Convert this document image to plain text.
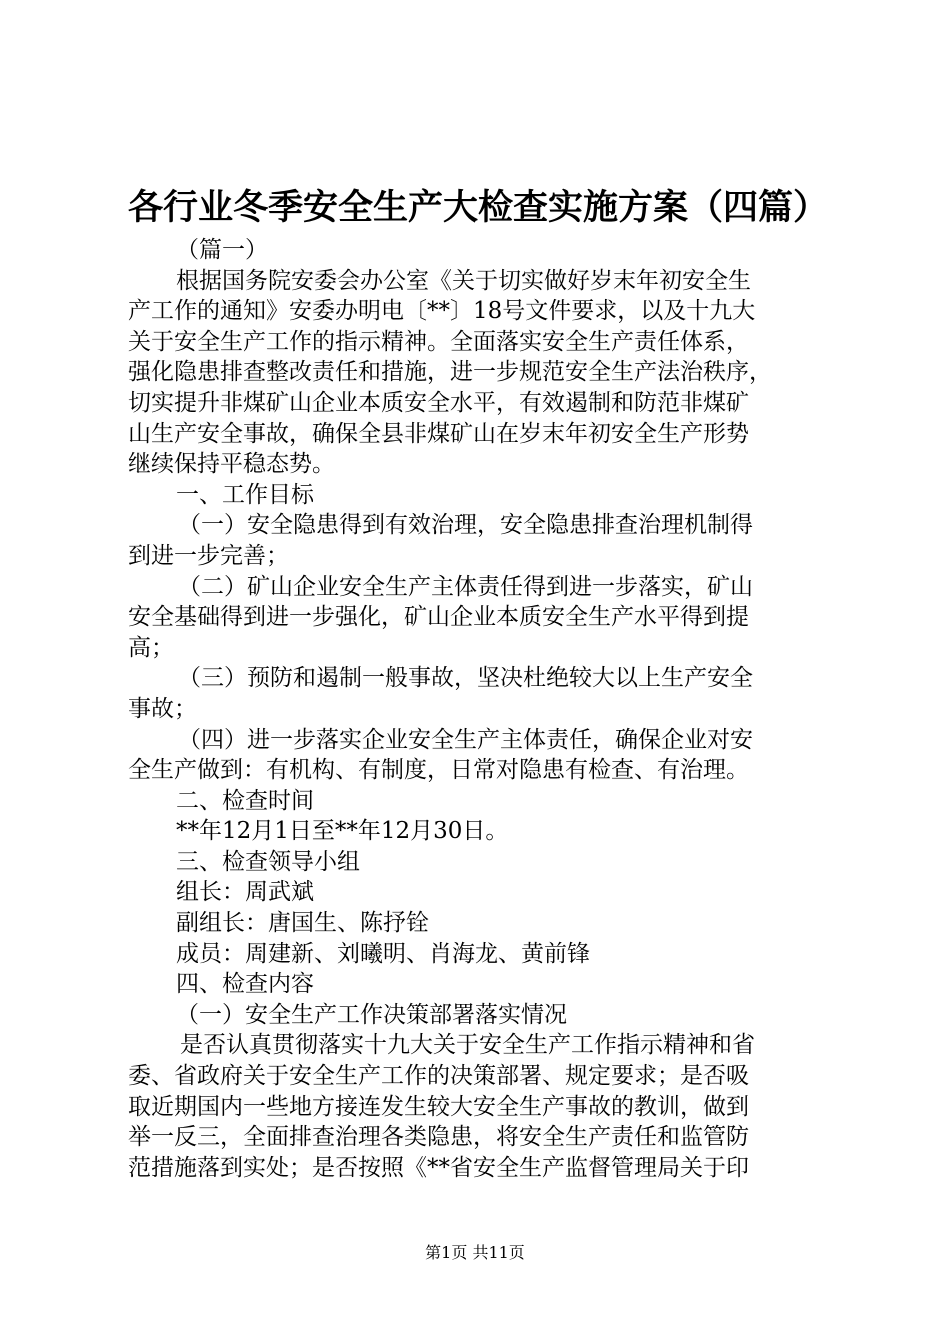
各行业冬季安全生产大检查实施方案（四篇）
（篇一）
根据国务院安委会办公室《关于切实做好岁末年初安全生
产工作的通知》安委办明电〔**〕18号文件要求，以及十九大
关于安全生产工作的指示精神。全面落实安全生产责任体系，
强化隐患排查整改责任和措施，进一步规范安全生产法治秩序，
切实提升非煤矿山企业本质安全水平，有效遏制和防范非煤矿
山生产安全事故，确保全县非煤矿山在岁末年初安全生产形势
继续保持平稳态势。
一、工作目标
（一）安全隐患得到有效治理，安全隐患排查治理机制得
到进一步完善；
（二）矿山企业安全生产主体责任得到进一步落实，矿山
安全基础得到进一步强化，矿山企业本质安全生产水平得到提
高；
（三）预防和遏制一般事故，坚决杜绝较大以上生产安全
事故；
（四）进一步落实企业安全生产主体责任，确保企业对安
全生产做到：有机构、有制度，日常对隐患有检查、有治理。
二、检查时间
**年12月1日至**年12月30日。
三、检查领导小组
组长：周武斌
副组长：唐国生、陈抒铨
成员：周建新、刘曦明、肖海龙、黄前锋
四、检查内容
（一）安全生产工作决策部署落实情况
是否认真贯彻落实十九大关于安全生产工作指示精神和省
委、省政府关于安全生产工作的决策部署、规定要求；是否吸
取近期国内一些地方接连发生较大安全生产事故的教训，做到
举一反三，全面排查治理各类隐患，将安全生产责任和监管防
范措施落到实处；是否按照《**省安全生产监督管理局关于印
第1页 共11页
